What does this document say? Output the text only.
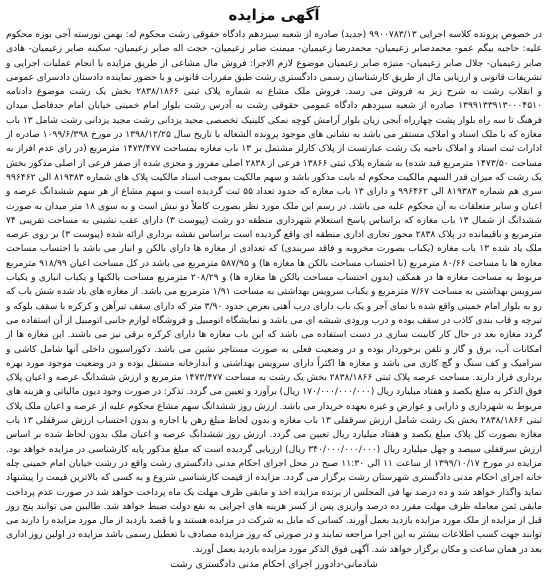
آگهی مزایده
در خصوص پرونده کلاسه اجرایی ۹۹۰۰۷۸۳/۱۳ (جدید) صادره از شعبه سیزدهم دادگاه حقوقی رشت محکوم له: بهمن نورسته آجی بوزه محکوم علیه: حاجیه بیگم عمو- محمدصابر زعیمیان- محمدرضا زعیمیان- میمنت صابر زعیمیان- حجت اله صابر زعیمیان- سکینه صابر زعیمیان- هادی صابر زعیمیان- جلال صابر زعیمیان- منیژه صابر زعیمیان موضوع لازم الاجرا: فروش مال مشاعی از طریق مزایده با انجام عملیات اجرایی و تشریفات قانونی و ارزیابی مال از طریق کارشناسان رسمی دادگستری رشت طبق مقررات قانونی و با حضور نماینده دادستان دادسرای عمومی و انقلاب رشت به شرح زیر به فروش می رسد. فروش ملک مشاع به شماره پلاک ثبتی ۲۸۳۸/۱۸۶۶ بخش یک رشت موضوع دادنامه ۱۳۹۹۱۳۳۹۱۳۰۰۰۴۵۱۰ صادره از شعبه سیزدهم دادگاه عمومی حقوقی رشت به آدرس رشت بلوار امام خمینی خیابان امام حدفاصل میدان فرهنگ تا سه راه بلوار پشت چهارراه آبجی زیان بلوار آرامش کوچه نمکی کلینیک تخصصی مجید یزدانی رشت مجید یزدانی رشت شامل ۱۳ باب مغازه که با ملک اسناد و املاک مستقر می باشد به نشانی های موجود پرونده الشغاله با تاریخ سال ۱۳۹۸/۱۲/۲۵ در مورخ ۱۰۹۹/۶/۳۹۸ صادره از ادارات ثبت اسناد و املاک ناحیه یک رشت عبارتست از پلاک کارلز مشتمل بر ۱۳ باب مغازه بمساحت ۱۴۷۳/۴۷۷ مترمربع (در رای عدم افراز به مساحت ۱۴۷۳/۵۰ مترمربع قید شده) به شماره پلاک ثبتی ۱۳۸۶۶ فرعی از ۲۸۳۸ اصلی مفروز و مجزی شده از صفر فرعی از اصلی مذکور بخش یک رشت که میزان قدر السهم مالکیت محکوم له بابت مذکور باشد و سهم مالکیت بموجب اسناد مالکیت پلاک های شماره ۸۱۹۳۸۳ الی ۹۹۶۴۶۲ سری هم شماره ۸۱۹۳۸۳ الی ۹۹۶۴۶۲ و دارای ۱۳ باب مغازه که حدود تعداد ۵۵ ثبت گردیده است و سهم مشاع از هر سهم ششدانگ عرصه و اعیان و سایر متعلقات به آن محکوم علیه می باشد. در رسم این ملک مورد نظر بصورت کاملاً دو نبش است و به سوی ۱۸ متر میدان به صورت ششدانگ از شمال ۱۳ باب مغازه که براساس پاسخ استعلام شهرداری منطقه دو رشت (پیوست ۳) دارای عقب نشینی به مساحت تقریبی ۷۴ مترمربع و باقیمانده در پلاک ۲۸۳۸ محور تجاری اداری منطقه ای واقع گردیده است براساس نقشه برداری ارائه شده (پیوست ۳) بر روی عرصه ملک یاد شده ۱۳ باب مغازه (یکباب بصورت مخروبه و فاقد سربندی) که تعدادی از مغازه ها دارای بالکن و انبار می باشد با احتساب مساحت مغازه ها با مساحت ۸۰/۶۶ مترمربع (با احتساب مساحت بالکن ها مغازه ها) و ۵۸۷/۹۵ مترمربع می باشد در کل مساحت اعیان ۹۱۸/۹۹ مترمربع مربوط به مساحت مغازه ها در همکف (بدون احتساب مساحت بالکن ها مغازه ها) و ۲۰۸/۲۹ مترمربع مساحت بالکنها و یکباب انباری و یکباب سرویس بهداشتی به مساحت ۷/۶۷ مترمربع و یکباب سرویس بهداشتی به مساحت ۱/۹۱ مترمربع می باشد. از مغازه های یاد شده شش باب که رو به بلوار امام خمینی واقع شده با نمای آجر و یک باب دارای درب آهنی بعرض حدود ۳/۹۰ متر که دارای سقف تیرآهن و کرکره با سقف بلوکه و تیرچه و قاب بندی کاذب در سقف بوده و درب ورودی شیشه ای می باشد و نمایشگاه اتومبیل و فروشگاه لوازم جانبی اتومبیل از آن استفاده می گردد مغازه بعد در حال کار کابینت سازی در دست استفاده می باشد که این باب مغازه ها دارای کرکره برقی نیز می باشند. این مغازه ها از امکانات آب، برق و گاز و تلفن برخوردار بوده و در وضعیت فعلی به صورت مستاجر نشین می باشد. دکوراسیون داخلی آنها شامل کاشی و سرامیک و کف سنگ و گچ کاری می باشد و مغازه ها اکثراً دارای سرویس بهداشتی و آبدارخانه مستقل بوده و در وضعیت موجود مورد بهره برداری قرار دارند. مساحت عرصه پلاک ثبتی ۲۸۳۸/۱۸۶۶ بخش یک رشت به مساحت ۱۴۷۳/۴۷۷ مترمربع و ارزش ششدانگ عرصه و اعیان پلاک فوق الذکر به مبلغ یکصد و هفتاد میلیارد ریال (۱۷۰/۰۰۰/۰۰۰/۰۰۰ ریال) برآورد و تعیین می گردد. تذکر: در صورت وجود دیون مالیاتی و هزینه های مربوط به شهرداری و دارایی و عوارض و غیره بعهده خریدار می باشد. ارزش روز ششدانگ سهم مشاع محکوم علیه از عرصه و اعیان ملک پلاک ثبتی ۲۸۳۸/۱۸۶۶ بخش یک رشت شامل ارزش سرقفلی ۱۳ باب مغازه و بدون لحاظ مبلغ رهن یا اجاره و بدون احتساب ارزش سرقفلی ۱۳ باب مغازه بصورت کل پلاک مبلغ یکصد و هفتاد میلیارد ریال تعیین می گردد. ارزش روز ششدانگ عرصه و اعیان ملک بدون لحاظ شده بر اساس ارزش سرقفلی سیصد و چهل میلیارد ریال (۳۴۰/۰۰۰/۰۰۰/۰۰۰ ریال) ارزیابی گردیده است که مبلغ مذکور پایه کارشناسی در مزایده خواهد بود. مزایده در مورخ ۱۳۹۹/۱۰/۱۷ از ساعت ۱۱ الی ۱۱:۳۰ صبح در محل اجرای احکام مدنی دادگستری رشت واقع در رشت خیابان امام خمینی چله خانه اجرای احکام مدنی دادگستری شهرستان رشت برگزار می گردد. مزایده از قیمت کارشناسی شروع و به کسی که بالاترین قیمت را پیشنهاد نماید واگذار خواهد شد و ده درصد بها فی المجلس از برنده مزایده اخذ و مابقی ظرف مهلت یک ماه پرداخت خواهد شد در صورت عدم پرداخت مابقی ثمن معامله ظرف مهلت مقرر ده درصد واریزی پس از کسر هزینه های اجرایی به نفع دولت ضبط خواهد شد. طالبین می توانند پنج روز قبل از مزایده از ملک مورد مزایده بازدید بعمل آورند. کسانی که مایل به شرکت در مزایده هستند و یا قصد بازدید از مال مورد مزایده را دارند می توانند جهت کسب اطلاعات بیشتر به این اجرا مراجعه نمایند و در صورتی که روز مزایده مصادف با تعطیل رسمی باشد مزایده در اولین روز اداری بعد در همان ساعت و مکان برگزار خواهد شد. آگهی فوق الذکر مورد مزایده بازدید بعمل آورند.
شادمانی-دادورز اجرای احکام مدنی دادگستری رشت
